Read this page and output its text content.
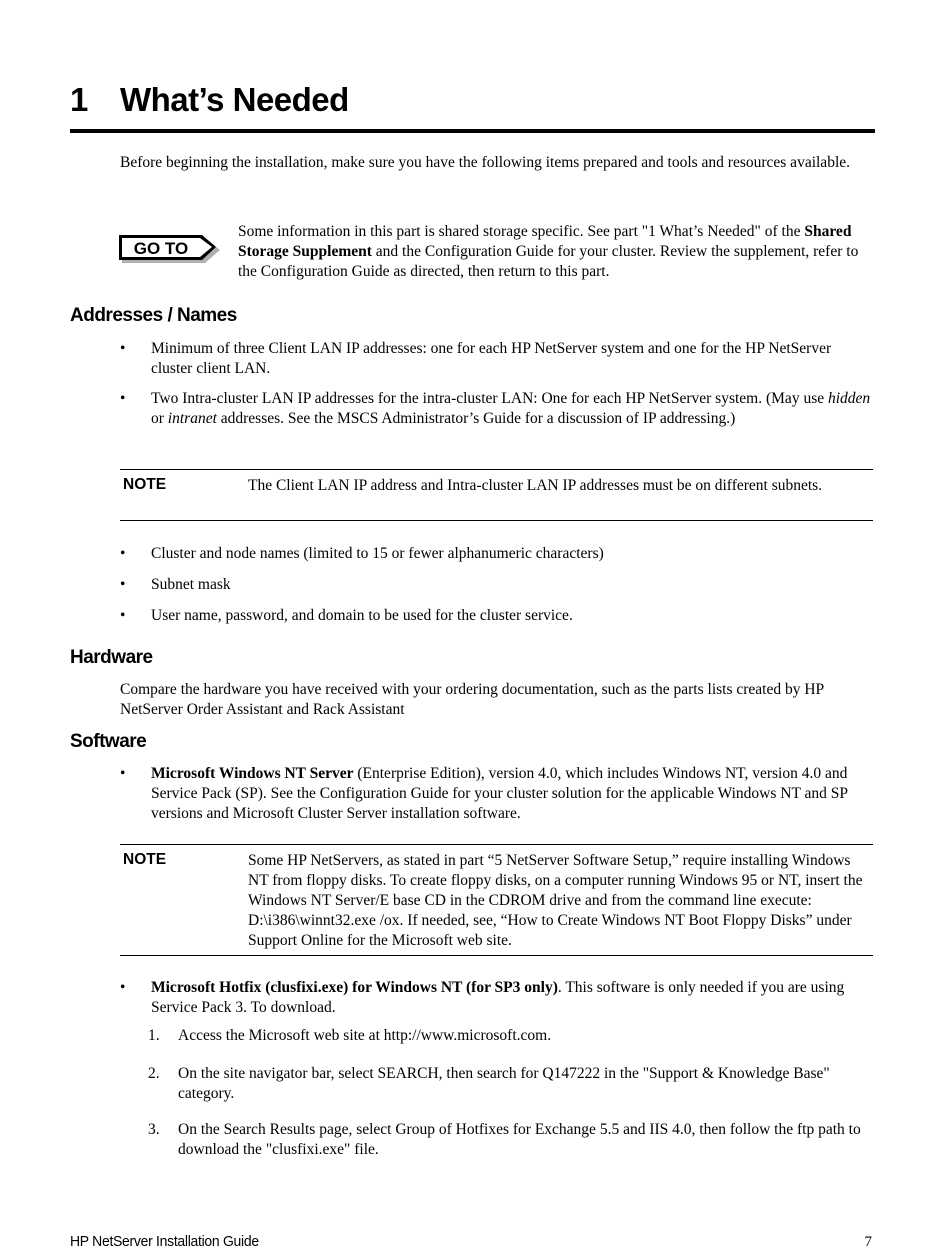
1 What’s Needed
Before beginning the installation, make sure you have the following items prepared and tools and resources available.
GO TO
Some information in this part is shared storage specific. See part "1 What’s Needed" of the Shared Storage Supplement and the Configuration Guide for your cluster. Review the supplement, refer to the Configuration Guide as directed, then return to this part.
Addresses / Names
•	Minimum of three Client LAN IP addresses: one for each HP NetServer system and one for the HP NetServer cluster client LAN.
•	Two Intra-cluster LAN IP addresses for the intra-cluster LAN: One for each HP NetServer system. (May use hidden or intranet addresses. See the MSCS Administrator’s Guide for a discussion of IP addressing.)
NOTE	The Client LAN IP address and Intra-cluster LAN IP addresses must be on different subnets.
•	Cluster and node names (limited to 15 or fewer alphanumeric characters)
•	Subnet mask
•	User name, password, and domain to be used for the cluster service.
Hardware
Compare the hardware you have received with your ordering documentation, such as the parts lists created by HP NetServer Order Assistant and Rack Assistant
Software
•	Microsoft Windows NT Server (Enterprise Edition), version 4.0, which includes Windows NT, version 4.0 and Service Pack (SP). See the Configuration Guide for your cluster solution for the applicable Windows NT and SP versions and Microsoft Cluster Server installation software.
NOTE	Some HP NetServers, as stated in part “5 NetServer Software Setup,” require installing Windows NT from floppy disks. To create floppy disks, on a computer running Windows 95 or NT, insert the Windows NT Server/E base CD in the CDROM drive and from the command line execute: D:\i386\winnt32.exe /ox. If needed, see, “How to Create Windows NT Boot Floppy Disks” under Support Online for the Microsoft web site.
•	Microsoft Hotfix (clusfixi.exe) for Windows NT (for SP3 only). This software is only needed if you are using Service Pack 3. To download.
1. Access the Microsoft web site at http://www.microsoft.com.
2. On the site navigator bar, select SEARCH, then search for Q147222 in the "Support & Knowledge Base" category.
3. On the Search Results page, select Group of Hotfixes for Exchange 5.5 and IIS 4.0, then follow the ftp path to download the "clusfixi.exe" file.
HP NetServer Installation Guide	7
